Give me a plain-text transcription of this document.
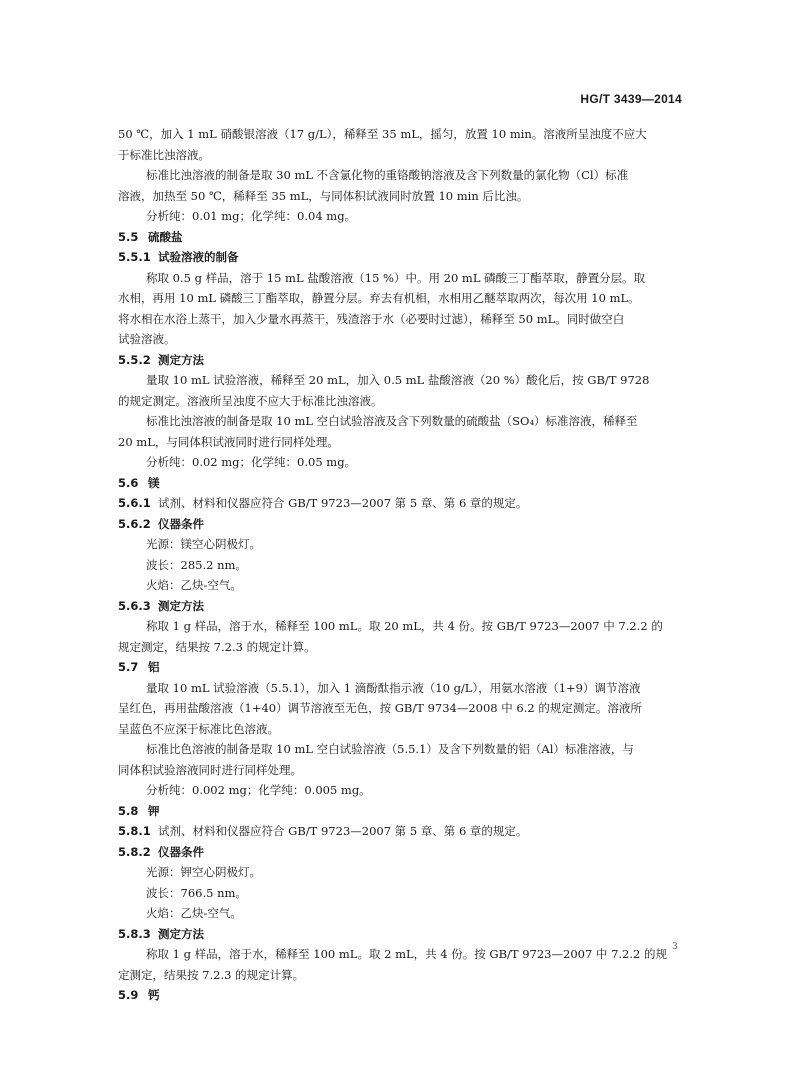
HG/T 3439—2014
50 ℃，加入 1 mL 硝酸银溶液（17 g/L），稀释至 35 mL，摇匀，放置 10 min。溶液所呈浊度不应大
于标准比浊溶液。
标准比浊溶液的制备是取 30 mL 不含氯化物的重铬酸钠溶液及含下列数量的氯化物（Cl）标准
溶液，加热至 50 ℃，稀释至 35 mL，与同体积试液同时放置 10 min 后比浊。
分析纯：0.01 mg；化学纯：0.04 mg。
5.5 硫酸盐
5.5.1 试验溶液的制备
称取 0.5 g 样品，溶于 15 mL 盐酸溶液（15 %）中。用 20 mL 磷酸三丁酯萃取，静置分层。取
水相，再用 10 mL 磷酸三丁酯萃取，静置分层。弃去有机相，水相用乙醚萃取两次，每次用 10 mL。
将水相在水浴上蒸干，加入少量水再蒸干，残渣溶于水（必要时过滤），稀释至 50 mL。同时做空白
试验溶液。
5.5.2 测定方法
量取 10 mL 试验溶液，稀释至 20 mL，加入 0.5 mL 盐酸溶液（20 %）酸化后，按 GB/T 9728
的规定测定。溶液所呈浊度不应大于标准比浊溶液。
标准比浊溶液的制备是取 10 mL 空白试验溶液及含下列数量的硫酸盐（SO₄）标准溶液，稀释至
20 mL，与同体积试液同时进行同样处理。
分析纯：0.02 mg；化学纯：0.05 mg。
5.6 镁
5.6.1 试剂、材料和仪器应符合 GB/T 9723—2007 第 5 章、第 6 章的规定。
5.6.2 仪器条件
光源：镁空心阴极灯。
波长：285.2 nm。
火焰：乙炔-空气。
5.6.3 测定方法
称取 1 g 样品，溶于水，稀释至 100 mL。取 20 mL，共 4 份。按 GB/T 9723—2007 中 7.2.2 的
规定测定，结果按 7.2.3 的规定计算。
5.7 铝
量取 10 mL 试验溶液（5.5.1），加入 1 滴酚酞指示液（10 g/L），用氨水溶液（1+9）调节溶液
呈红色，再用盐酸溶液（1+40）调节溶液至无色，按 GB/T 9734—2008 中 6.2 的规定测定。溶液所
呈蓝色不应深于标准比色溶液。
标准比色溶液的制备是取 10 mL 空白试验溶液（5.5.1）及含下列数量的铝（Al）标准溶液，与
同体积试验溶液同时进行同样处理。
分析纯：0.002 mg；化学纯：0.005 mg。
5.8 钾
5.8.1 试剂、材料和仪器应符合 GB/T 9723—2007 第 5 章、第 6 章的规定。
5.8.2 仪器条件
光源：钾空心阴极灯。
波长：766.5 nm。
火焰：乙炔-空气。
5.8.3 测定方法
称取 1 g 样品，溶于水，稀释至 100 mL。取 2 mL，共 4 份。按 GB/T 9723—2007 中 7.2.2 的规
定测定，结果按 7.2.3 的规定计算。
5.9 钙
3
